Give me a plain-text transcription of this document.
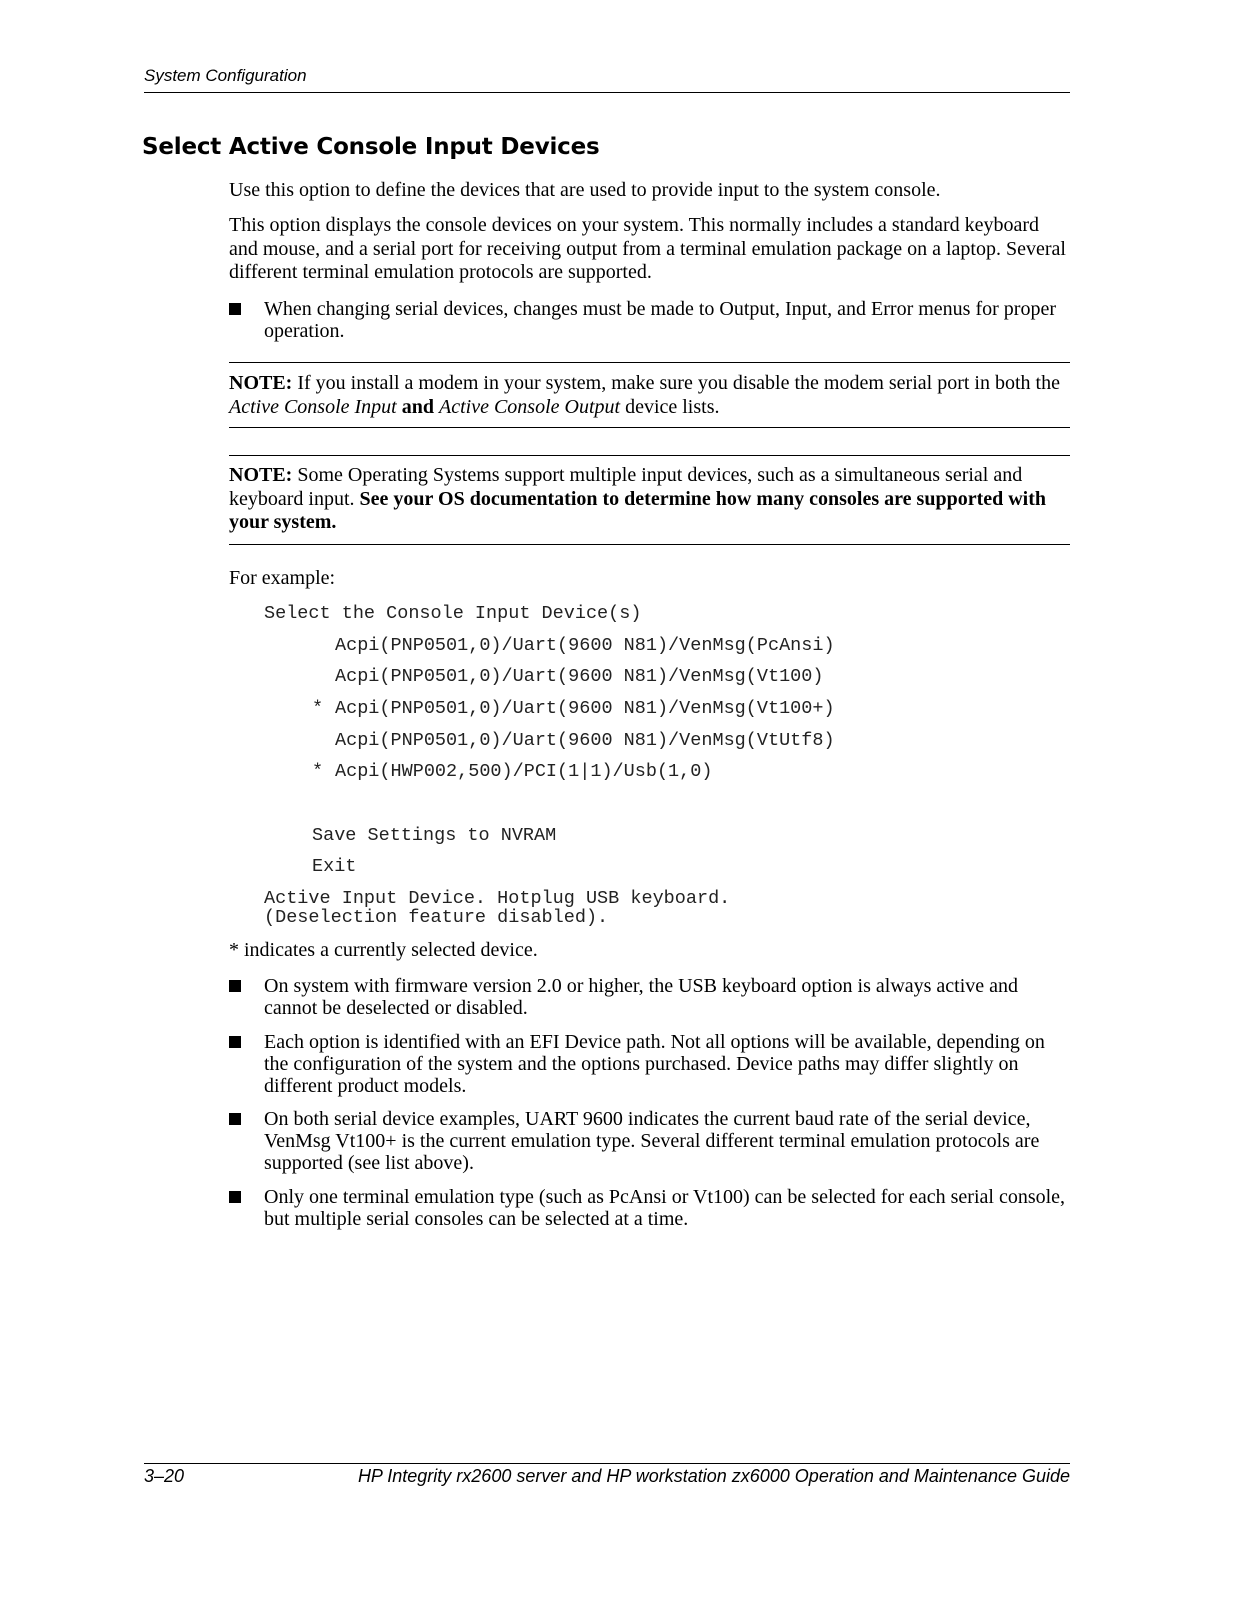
System Configuration
Select Active Console Input Devices

Use this option to define the devices that are used to provide input to the system console.

This option displays the console devices on your system. This normally includes a standard keyboard and mouse, and a serial port for receiving output from a terminal emulation package on a laptop. Several different terminal emulation protocols are supported.

When changing serial devices, changes must be made to Output, Input, and Error menus for proper operation.

NOTE: If you install a modem in your system, make sure you disable the modem serial port in both the Active Console Input and Active Console Output device lists.

NOTE: Some Operating Systems support multiple input devices, such as a simultaneous serial and keyboard input. See your OS documentation to determine how many consoles are supported with your system.

For example:

Select the Console Input Device(s)
Acpi(PNP0501,0)/Uart(9600 N81)/VenMsg(PcAnsi)
Acpi(PNP0501,0)/Uart(9600 N81)/VenMsg(Vt100)
* Acpi(PNP0501,0)/Uart(9600 N81)/VenMsg(Vt100+)
Acpi(PNP0501,0)/Uart(9600 N81)/VenMsg(VtUtf8)
* Acpi(HWP002,500)/PCI(1|1)/Usb(1,0)
Save Settings to NVRAM
Exit
Active Input Device. Hotplug USB keyboard.
(Deselection feature disabled).

* indicates a currently selected device.

On system with firmware version 2.0 or higher, the USB keyboard option is always active and cannot be deselected or disabled.
Each option is identified with an EFI Device path. Not all options will be available, depending on the configuration of the system and the options purchased. Device paths may differ slightly on different product models.
On both serial device examples, UART 9600 indicates the current baud rate of the serial device, VenMsg Vt100+ is the current emulation type. Several different terminal emulation protocols are supported (see list above).
Only one terminal emulation type (such as PcAnsi or Vt100) can be selected for each serial console, but multiple serial consoles can be selected at a time.
3–20	HP Integrity rx2600 server and HP workstation zx6000 Operation and Maintenance Guide
